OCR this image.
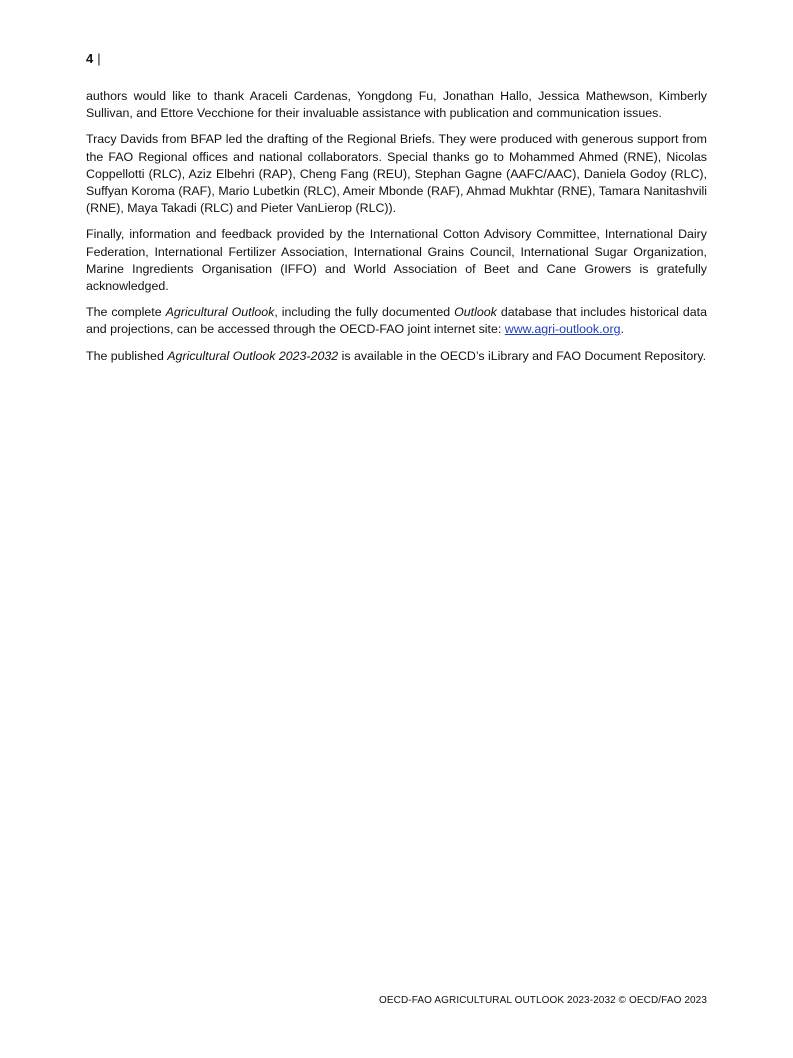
4 |

authors would like to thank Araceli Cardenas, Yongdong Fu, Jonathan Hallo, Jessica Mathewson, Kimberly Sullivan, and Ettore Vecchione for their invaluable assistance with publication and communication issues.

Tracy Davids from BFAP led the drafting of the Regional Briefs. They were produced with generous support from the FAO Regional offices and national collaborators. Special thanks go to Mohammed Ahmed (RNE), Nicolas Coppellotti (RLC), Aziz Elbehri (RAP), Cheng Fang (REU), Stephan Gagne (AAFC/AAC), Daniela Godoy (RLC), Suffyan Koroma (RAF), Mario Lubetkin (RLC), Ameir Mbonde (RAF), Ahmad Mukhtar (RNE), Tamara Nanitashvili (RNE), Maya Takadi (RLC) and Pieter VanLierop (RLC)).

Finally, information and feedback provided by the International Cotton Advisory Committee, International Dairy Federation, International Fertilizer Association, International Grains Council, International Sugar Organization, Marine Ingredients Organisation (IFFO) and World Association of Beet and Cane Growers is gratefully acknowledged.

The complete Agricultural Outlook, including the fully documented Outlook database that includes historical data and projections, can be accessed through the OECD-FAO joint internet site: www.agri-outlook.org.

The published Agricultural Outlook 2023-2032 is available in the OECD’s iLibrary and FAO Document Repository.

OECD-FAO AGRICULTURAL OUTLOOK 2023-2032 © OECD/FAO 2023
